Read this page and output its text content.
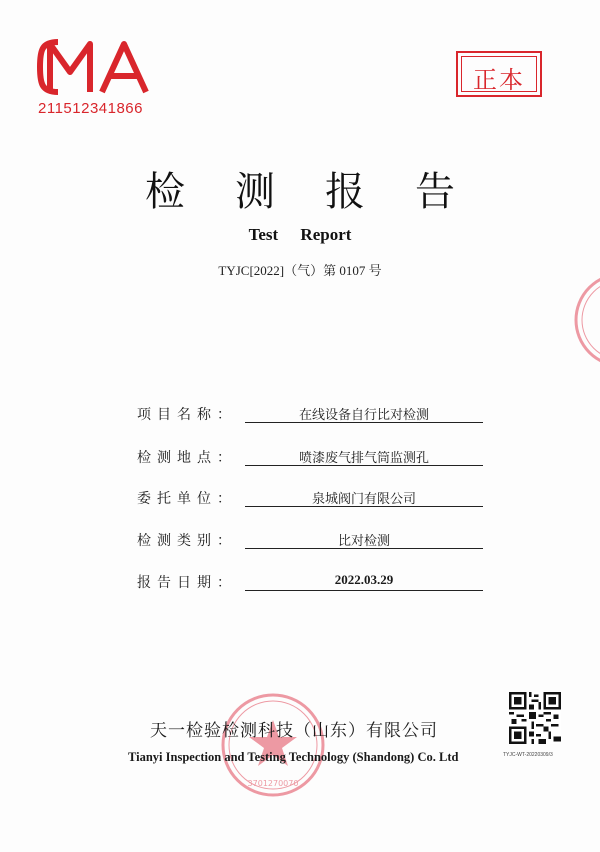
211512341866
正本
检测报告
Test Report
TYJC[2022]（气）第 0107 号
项目名称：	在线设备自行比对检测
检测地点：	喷漆废气排气筒监测孔
委托单位：	泉城阀门有限公司
检测类别：	比对检测
报告日期：	2022.03.29
3701270070
天一检验检测科技（山东）有限公司
Tianyi Inspection and Testing Technology (Shandong) Co. Ltd	TYJC-WT-20220309/3
